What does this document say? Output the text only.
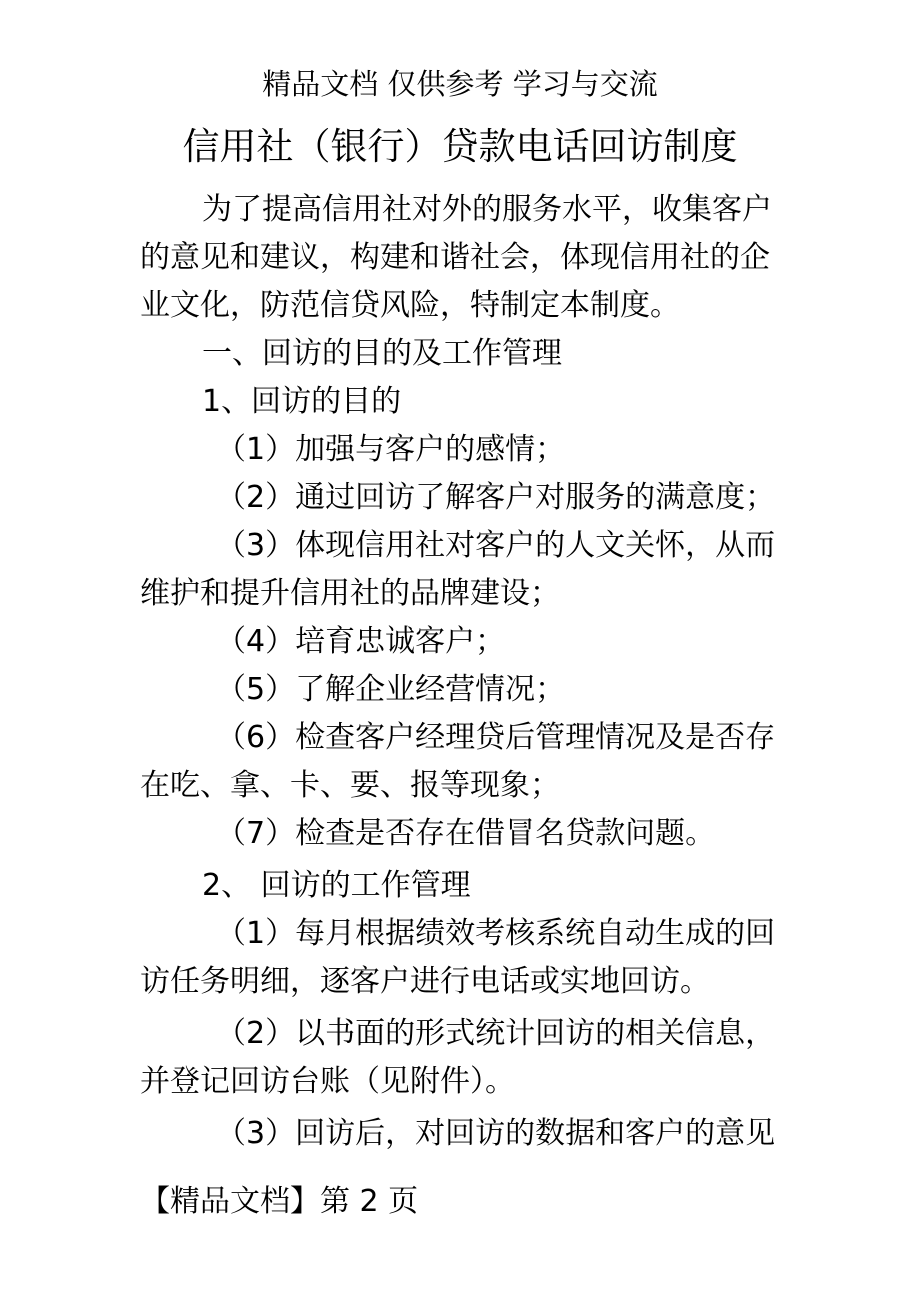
精品文档 仅供参考 学习与交流
信用社（银行）贷款电话回访制度
为了提高信用社对外的服务水平，收集客户
的意见和建议，构建和谐社会，体现信用社的企
业文化，防范信贷风险，特制定本制度。
一、回访的目的及工作管理
1、回访的目的
（1）加强与客户的感情；
（2）通过回访了解客户对服务的满意度；
（3）体现信用社对客户的人文关怀，从而
维护和提升信用社的品牌建设；
（4）培育忠诚客户；
（5）了解企业经营情况；
（6）检查客户经理贷后管理情况及是否存
在吃、拿、卡、要、报等现象；
（7）检查是否存在借冒名贷款问题。
2、 回访的工作管理
（1）每月根据绩效考核系统自动生成的回
访任务明细，逐客户进行电话或实地回访。
（2）以书面的形式统计回访的相关信息，
并登记回访台账（见附件）。
（3）回访后，对回访的数据和客户的意见
【精品文档】第 2 页
